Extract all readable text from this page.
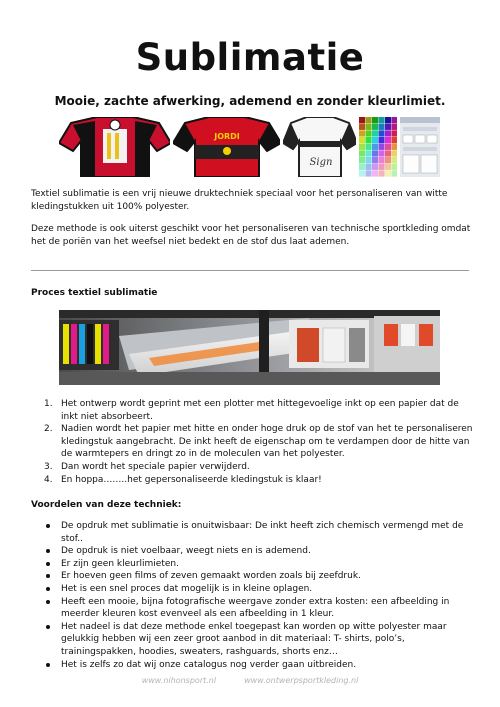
Sublimatie
Mooie, zachte afwerking, ademend en zonder kleurlimiet.
JORDI
Sign
Textiel sublimatie is een vrij nieuwe druktechniek speciaal voor het personaliseren van witte kledingstukken uit 100% polyester.
Deze methode is ook uiterst geschikt voor het personaliseren van technische sportkleding omdat het de poriën van het weefsel niet bedekt en de stof dus laat ademen.
Proces textiel sublimatie
1. Het ontwerp wordt geprint met een plotter met hittegevoelige inkt op een papier dat de inkt niet absorbeert.
2. Nadien wordt het papier met hitte en onder hoge druk op de stof van het te personaliseren kledingstuk aangebracht. De inkt heeft de eigenschap om te verdampen door de hitte van de warmtepers en dringt zo in de moleculen van het polyester.
3. Dan wordt het speciale papier verwijderd.
4. En hoppa……..het gepersonaliseerde kledingstuk is klaar!
Voordelen van deze techniek:
De opdruk met sublimatie is onuitwisbaar: De inkt heeft zich chemisch vermengd met de stof..
De opdruk is niet voelbaar, weegt niets en is ademend.
Er zijn geen kleurlimieten.
Er hoeven geen films of zeven gemaakt worden zoals bij zeefdruk.
Het is een snel proces dat mogelijk is in kleine oplagen.
Heeft een mooie, bijna fotografische weergave zonder extra kosten: een afbeelding in meerder kleuren kost evenveel als een afbeelding in 1 kleur.
Het nadeel is dat deze methode enkel toegepast kan worden op witte polyester maar gelukkig hebben wij een zeer groot aanbod in dit materiaal: T- shirts, polo’s, trainingspakken, hoodies, sweaters, rashguards, shorts enz…
Het is zelfs zo dat wij onze catalogus nog verder gaan uitbreiden.
www.nihonsport.nl	www.ontwerpsportkleding.nl
